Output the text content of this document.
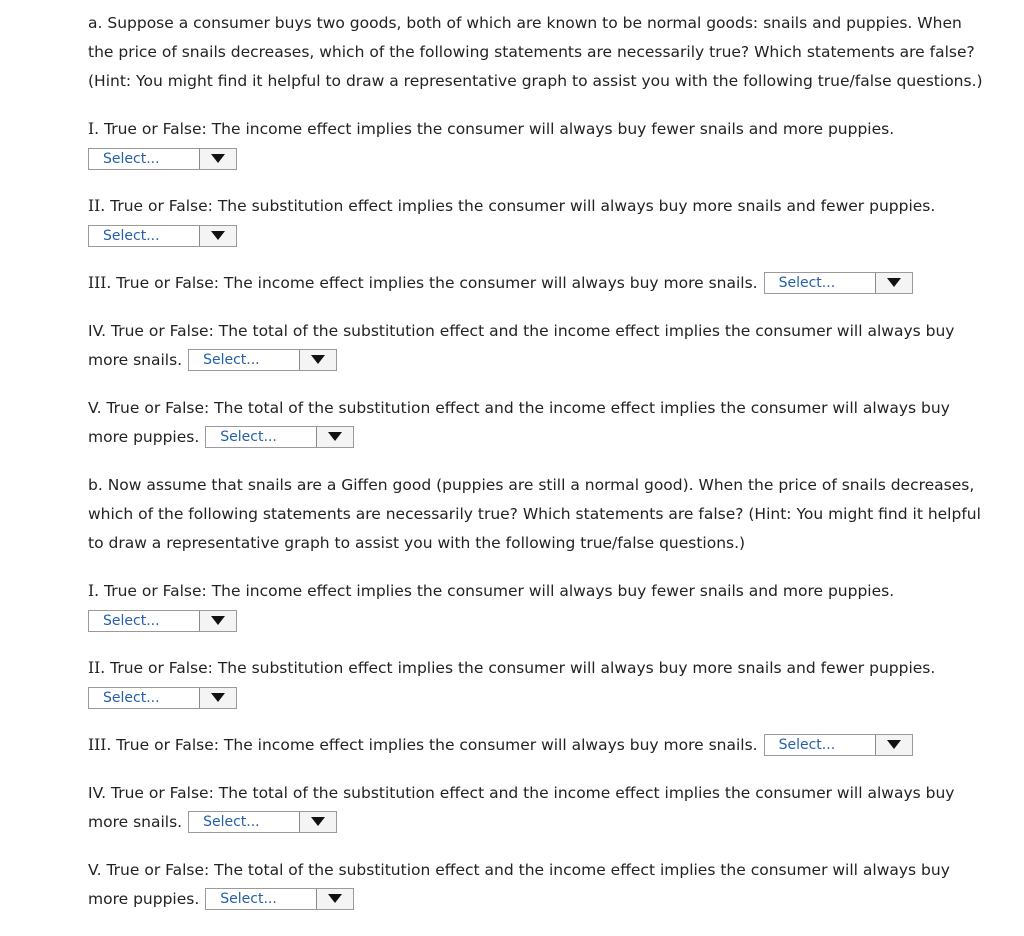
a. Suppose a consumer buys two goods, both of which are known to be normal goods: snails and puppies. When
the price of snails decreases, which of the following statements are necessarily true? Which statements are false?
(Hint: You might find it helpful to draw a representative graph to assist you with the following true/false questions.)

I. True or False: The income effect implies the consumer will always buy fewer snails and more puppies.
Select...
II. True or False: The substitution effect implies the consumer will always buy more snails and fewer puppies.
Select...
III. True or False: The income effect implies the consumer will always buy more snails.	Select...
IV. True or False: The total of the substitution effect and the income effect implies the consumer will always buy
more snails.	Select...
V. True or False: The total of the substitution effect and the income effect implies the consumer will always buy
more puppies.	Select...

b. Now assume that snails are a Giffen good (puppies are still a normal good). When the price of snails decreases,
which of the following statements are necessarily true? Which statements are false? (Hint: You might find it helpful
to draw a representative graph to assist you with the following true/false questions.)

I. True or False: The income effect implies the consumer will always buy fewer snails and more puppies.
Select...
II. True or False: The substitution effect implies the consumer will always buy more snails and fewer puppies.
Select...
III. True or False: The income effect implies the consumer will always buy more snails.	Select...
IV. True or False: The total of the substitution effect and the income effect implies the consumer will always buy
more snails.	Select...
V. True or False: The total of the substitution effect and the income effect implies the consumer will always buy
more puppies.	Select...
